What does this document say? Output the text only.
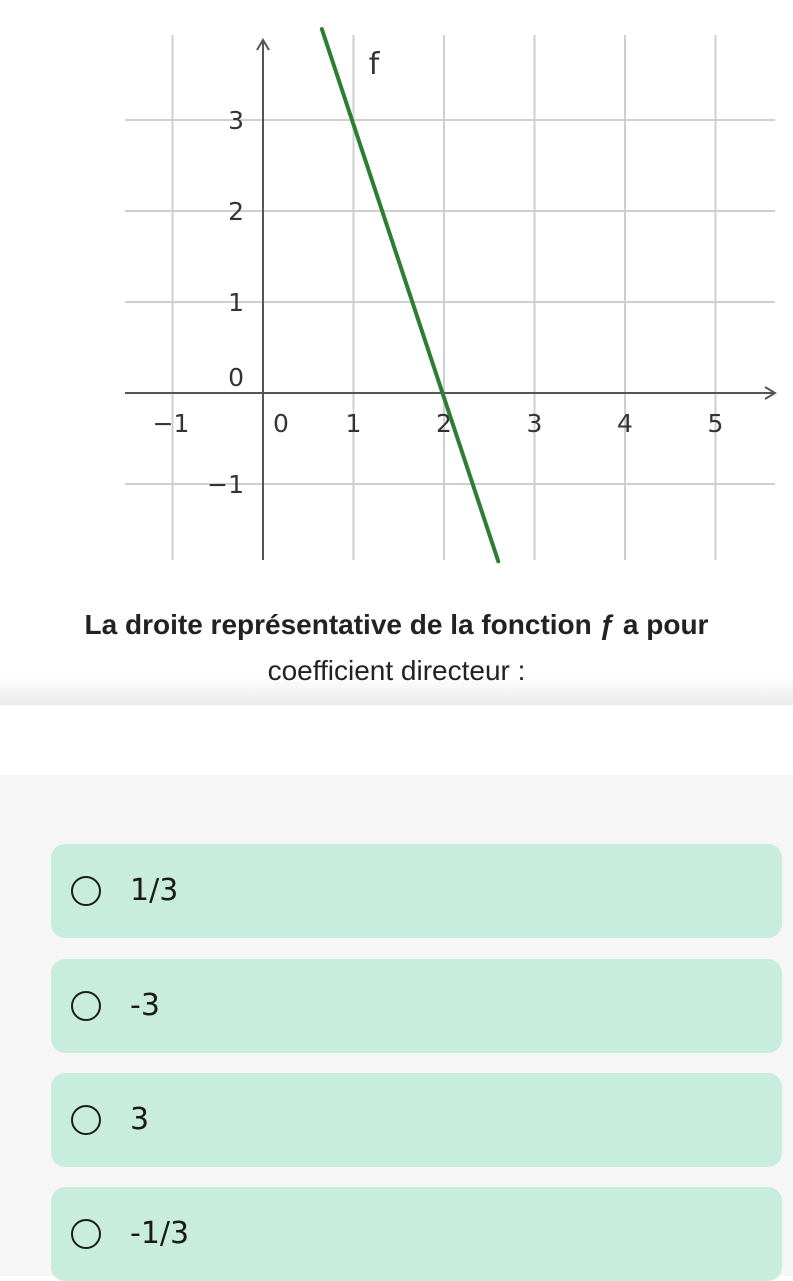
−1	0 1	2	3	4	5
3
2
1
0
−1
f
La droite représentative de la fonction ƒ a pour
coefficient directeur :
1/3
-3
3
-1/3
